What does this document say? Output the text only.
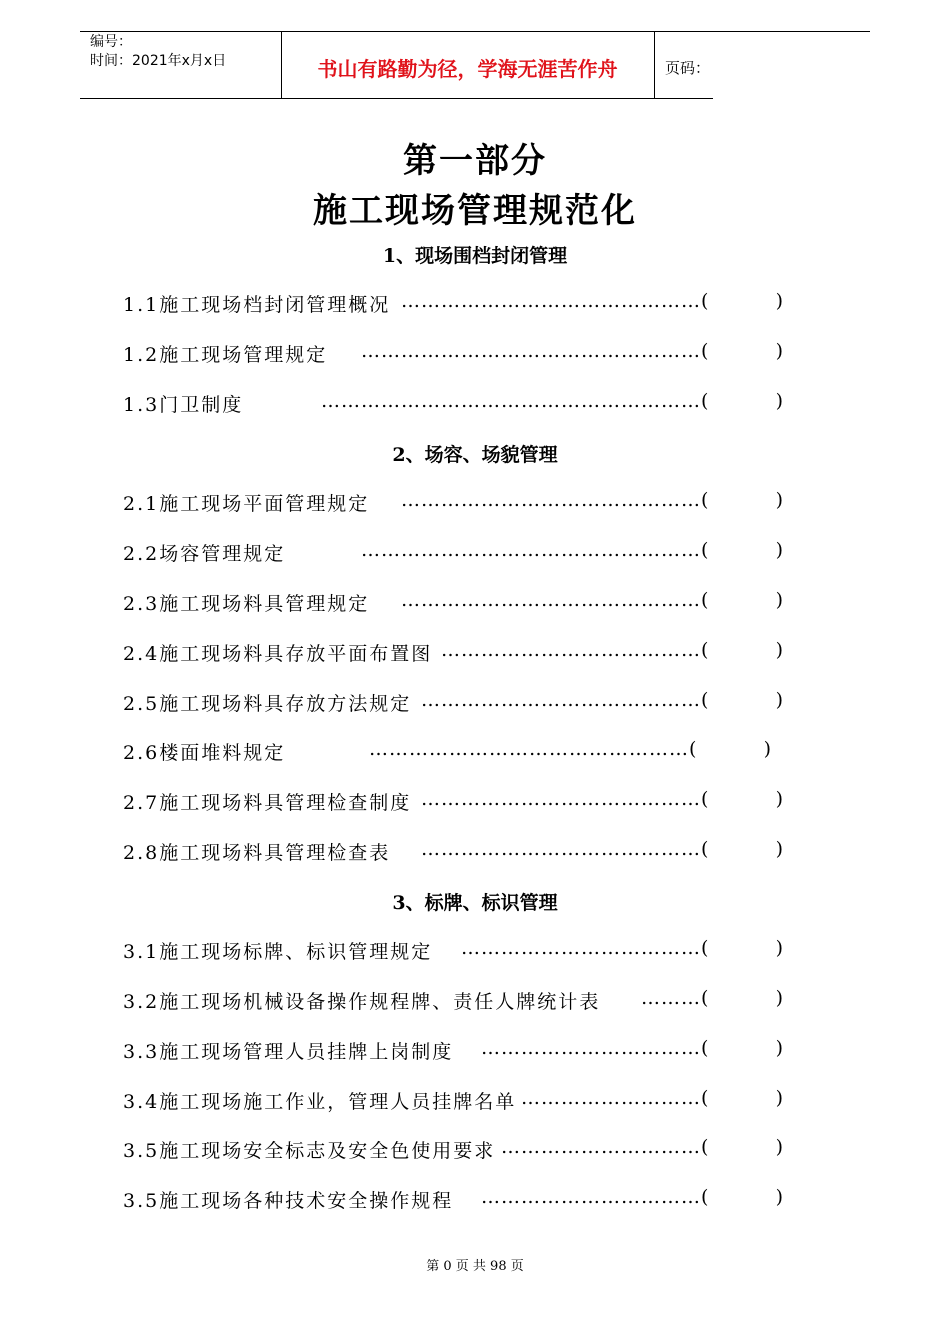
编号：
时间：2021年x月x日	书山有路勤为径，学海无涯苦作舟	页码：
第一部分
施工现场管理规范化
1、现场围档封闭管理
1.1施工现场档封闭管理概况 ……………………………………… (	)
1.2施工现场管理规定	…………………………………………… (	)
1.3门卫制度	………………………………………………… (	)
2、场容、场貌管理
2.1施工现场平面管理规定	……………………………………… (	)
2.2场容管理规定	…………………………………………… (	)
2.3施工现场料具管理规定	……………………………………… (	)
2.4施工现场料具存放平面布置图 ………………………………… (	)
2.5施工现场料具存放方法规定 …………………………………… (	)
2.6楼面堆料规定	………………………………………… (	)
2.7施工现场料具管理检查制度 …………………………………… (	)
2.8施工现场料具管理检查表	…………………………………… (	)
3、标牌、标识管理
3.1施工现场标牌、标识管理规定	……………………………… (	)
3.2施工现场机械设备操作规程牌、责任人牌统计表	……… (	)
3.3施工现场管理人员挂牌上岗制度	…………………………… (	)
3.4施工现场施工作业，管理人员挂牌名单 ……………………… (	)
3.5施工现场安全标志及安全色使用要求 ………………………… (	)
3.5施工现场各种技术安全操作规程	…………………………… (	)
第 0 页 共 98 页
